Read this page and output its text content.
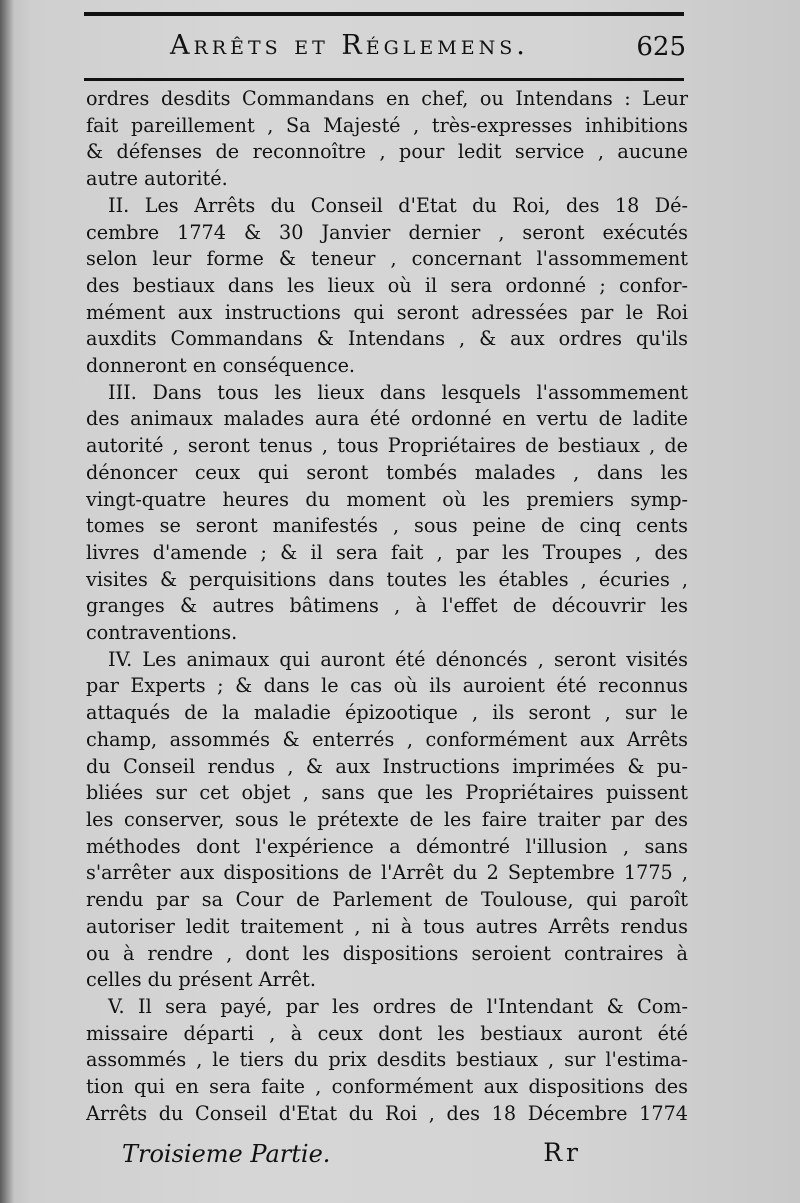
Arrêts et Réglemens.	625
ordres desdits Commandans en chef, ou Intendans : Leur
fait pareillement , Sa Majesté , très-expresses inhibitions
& défenses de reconnoître , pour ledit service , aucune
autre autorité.
II. Les Arrêts du Conseil d'Etat du Roi, des 18 Dé-
cembre 1774 & 30 Janvier dernier , seront exécutés
selon leur forme & teneur , concernant l'assommement
des bestiaux dans les lieux où il sera ordonné ; confor-
mément aux instructions qui seront adressées par le Roi
auxdits Commandans & Intendans , & aux ordres qu'ils
donneront en conséquence.
III. Dans tous les lieux dans lesquels l'assommement
des animaux malades aura été ordonné en vertu de ladite
autorité , seront tenus , tous Propriétaires de bestiaux , de
dénoncer ceux qui seront tombés malades , dans les
vingt-quatre heures du moment où les premiers symp-
tomes se seront manifestés , sous peine de cinq cents
livres d'amende ; & il sera fait , par les Troupes , des
visites & perquisitions dans toutes les étables , écuries ,
granges & autres bâtimens , à l'effet de découvrir les
contraventions.
IV. Les animaux qui auront été dénoncés , seront visités
par Experts ; & dans le cas où ils auroient été reconnus
attaqués de la maladie épizootique , ils seront , sur le
champ, assommés & enterrés , conformément aux Arrêts
du Conseil rendus , & aux Instructions imprimées & pu-
bliées sur cet objet , sans que les Propriétaires puissent
les conserver, sous le prétexte de les faire traiter par des
méthodes dont l'expérience a démontré l'illusion , sans
s'arrêter aux dispositions de l'Arrêt du 2 Septembre 1775 ,
rendu par sa Cour de Parlement de Toulouse, qui paroît
autoriser ledit traitement , ni à tous autres Arrêts rendus
ou à rendre , dont les dispositions seroient contraires à
celles du présent Arrêt.
V. Il sera payé, par les ordres de l'Intendant & Com-
missaire départi , à ceux dont les bestiaux auront été
assommés , le tiers du prix desdits bestiaux , sur l'estima-
tion qui en sera faite , conformément aux dispositions des
Arrêts du Conseil d'Etat du Roi , des 18 Décembre 1774
Troisieme Partie.	Rr
